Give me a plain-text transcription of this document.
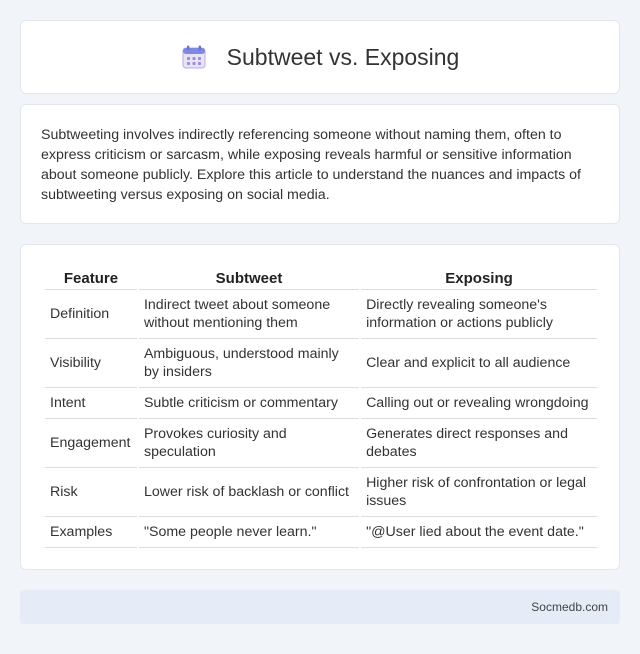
Subtweet vs. Exposing

Subtweeting involves indirectly referencing someone without naming them, often to express criticism or sarcasm, while exposing reveals harmful or sensitive information about someone publicly. Explore this article to understand the nuances and impacts of subtweeting versus exposing on social media.

Feature	Subtweet	Exposing
Definition	Indirect tweet about someone without mentioning them	Directly revealing someone's information or actions publicly
Visibility	Ambiguous, understood mainly by insiders	Clear and explicit to all audience
Intent	Subtle criticism or commentary	Calling out or revealing wrongdoing
Engagement	Provokes curiosity and speculation	Generates direct responses and debates
Risk	Lower risk of backlash or conflict	Higher risk of confrontation or legal issues
Examples	"Some people never learn."	"@User lied about the event date."
Socmedb.com
